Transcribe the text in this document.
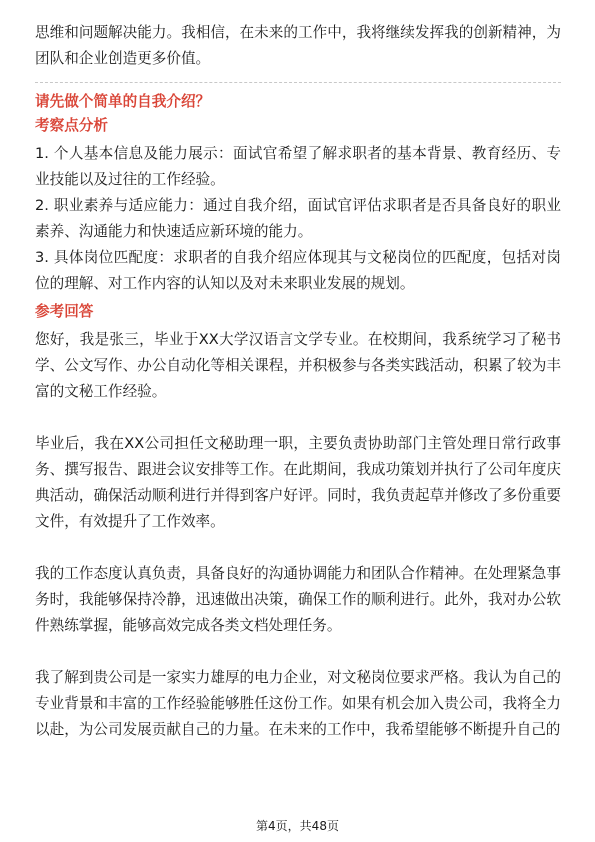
思维和问题解决能力。我相信，在未来的工作中，我将继续发挥我的创新精神，为团队和企业创造更多价值。

请先做个简单的自我介绍？

考察点分析

1. 个人基本信息及能力展示：面试官希望了解求职者的基本背景、教育经历、专业技能以及过往的工作经验。

2. 职业素养与适应能力：通过自我介绍，面试官评估求职者是否具备良好的职业素养、沟通能力和快速适应新环境的能力。

3. 具体岗位匹配度：求职者的自我介绍应体现其与文秘岗位的匹配度，包括对岗位的理解、对工作内容的认知以及对未来职业发展的规划。

参考回答

您好，我是张三，毕业于XX大学汉语言文学专业。在校期间，我系统学习了秘书学、公文写作、办公自动化等相关课程，并积极参与各类实践活动，积累了较为丰富的文秘工作经验。

毕业后，我在XX公司担任文秘助理一职，主要负责协助部门主管处理日常行政事务、撰写报告、跟进会议安排等工作。在此期间，我成功策划并执行了公司年度庆典活动，确保活动顺利进行并得到客户好评。同时，我负责起草并修改了多份重要文件，有效提升了工作效率。

我的工作态度认真负责，具备良好的沟通协调能力和团队合作精神。在处理紧急事务时，我能够保持冷静，迅速做出决策，确保工作的顺利进行。此外，我对办公软件熟练掌握，能够高效完成各类文档处理任务。

我了解到贵公司是一家实力雄厚的电力企业，对文秘岗位要求严格。我认为自己的专业背景和丰富的工作经验能够胜任这份工作。如果有机会加入贵公司，我将全力以赴，为公司发展贡献自己的力量。在未来的工作中，我希望能够不断提升自己的

第4页，共48页
